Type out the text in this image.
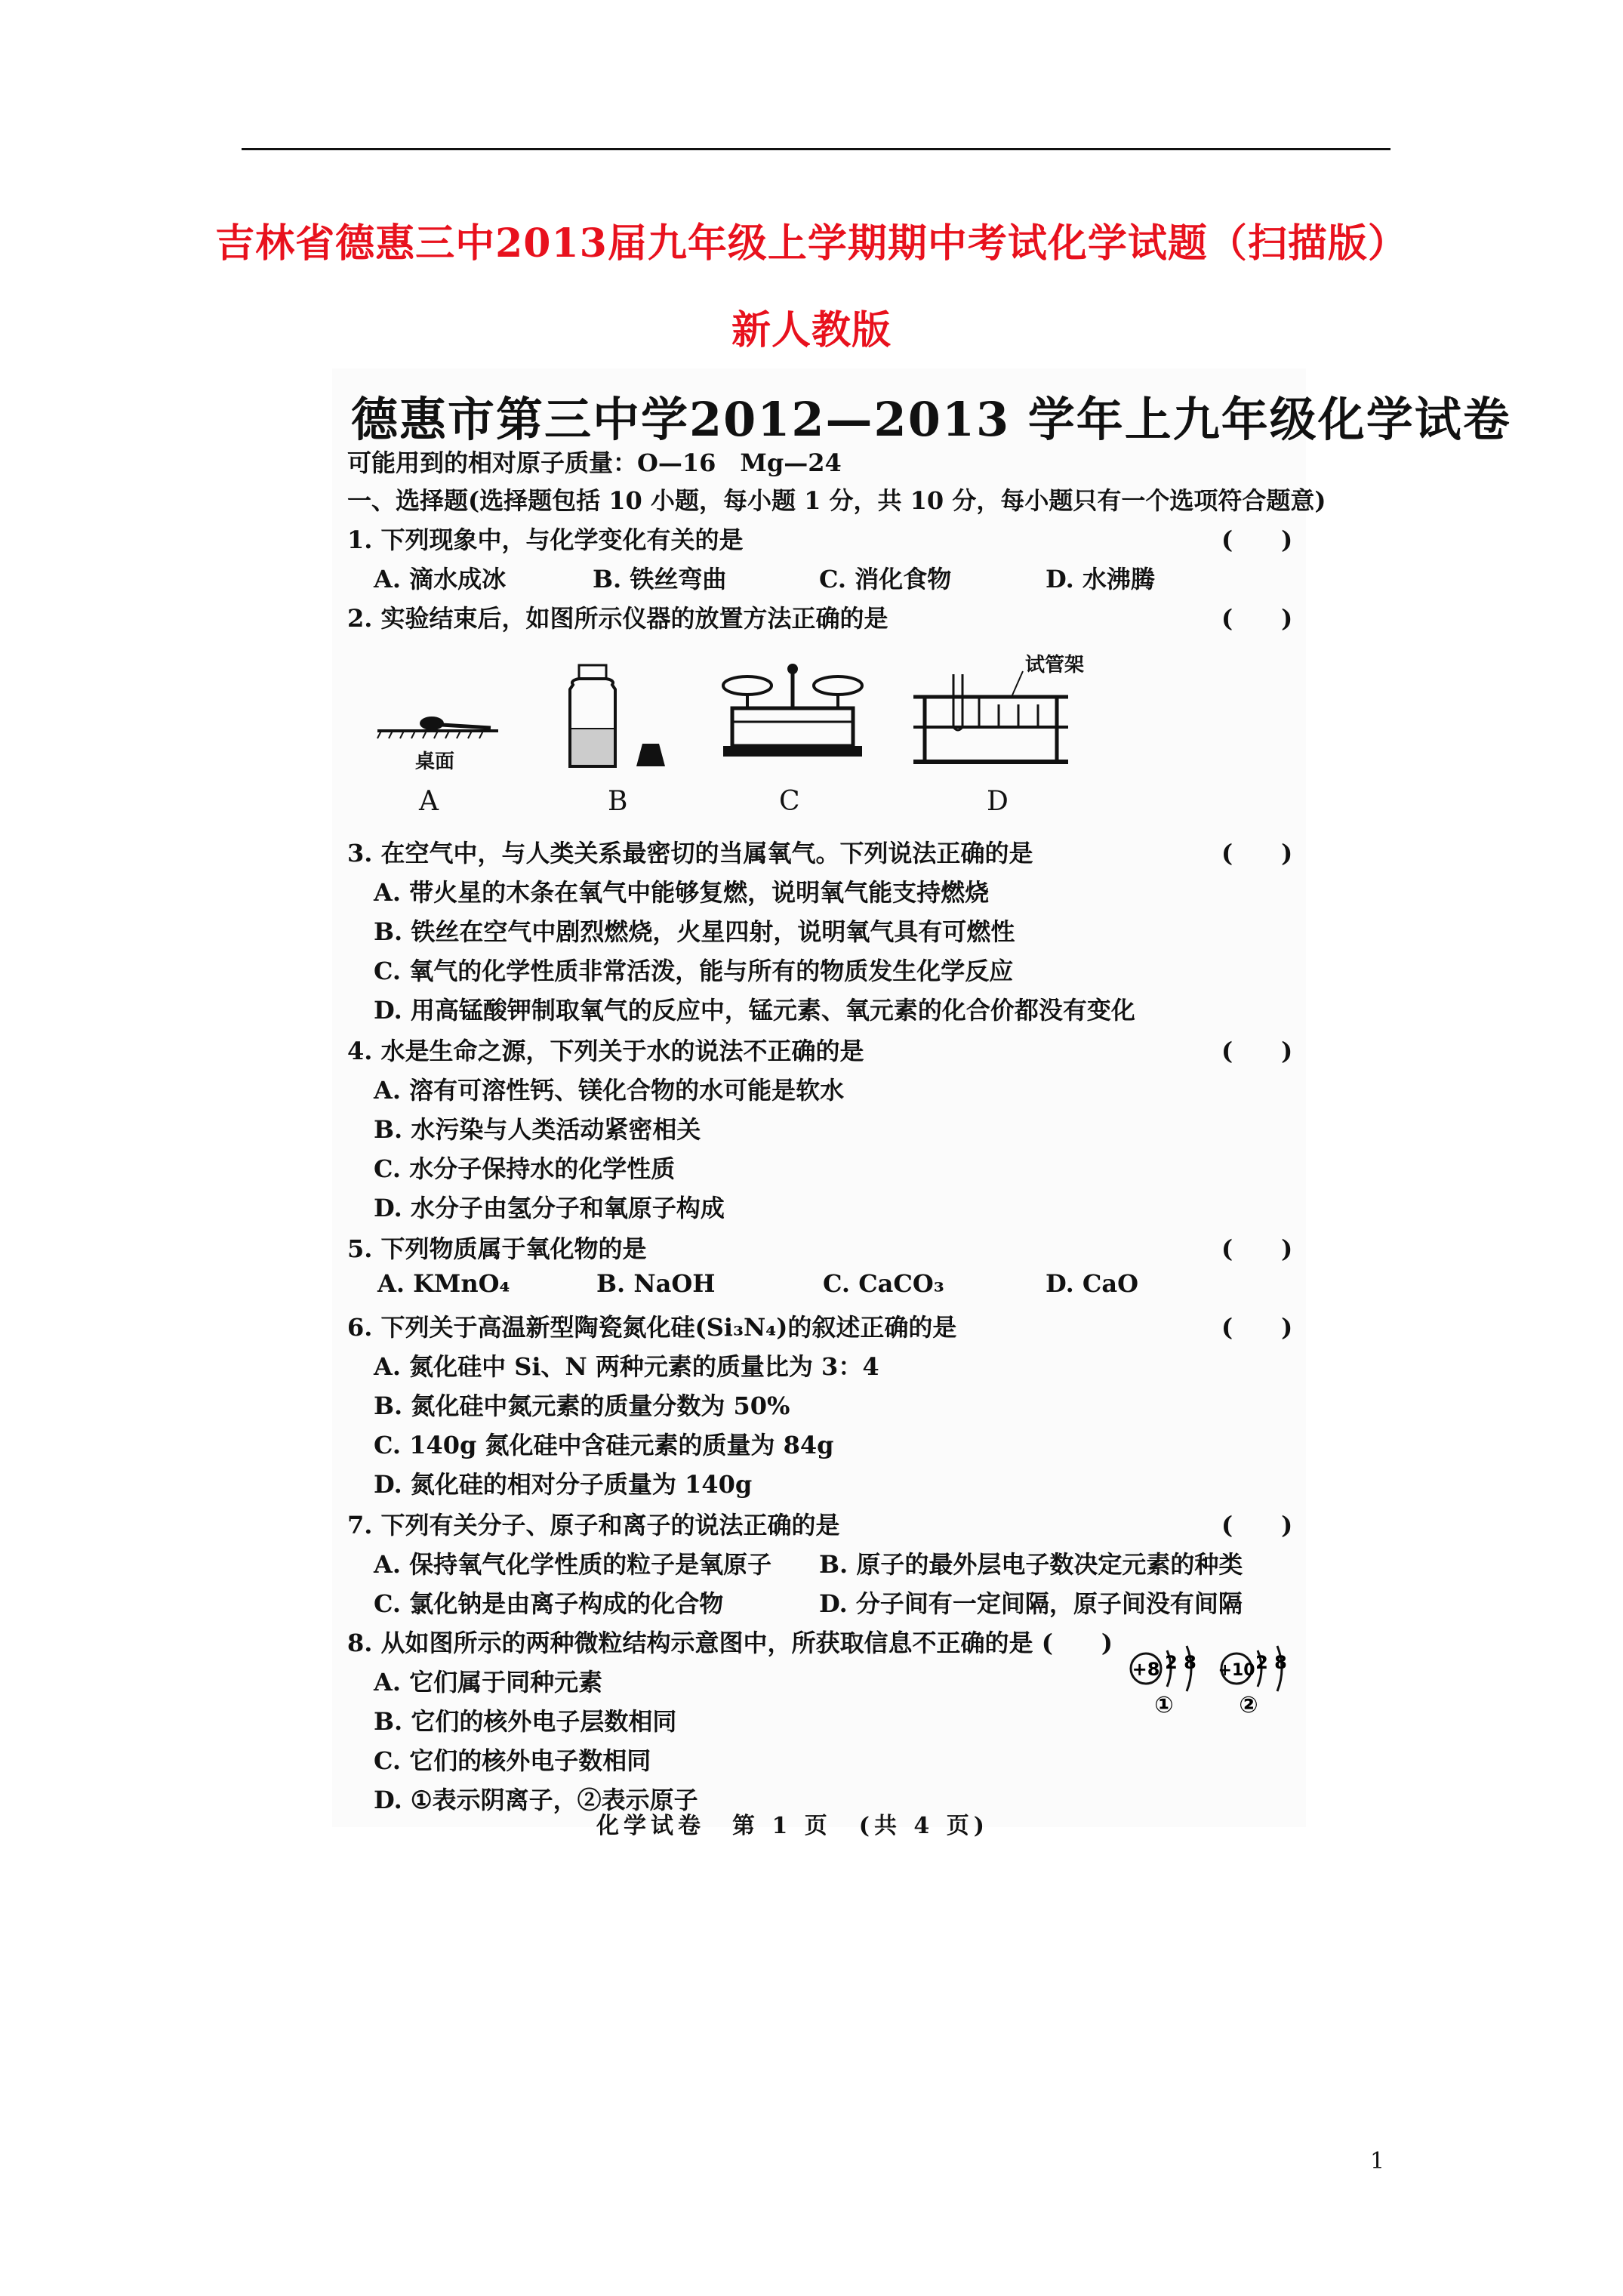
吉林省德惠三中2013届九年级上学期期中考试化学试题（扫描版）
新人教版
德惠市第三中学2012—2013 学年上九年级化学试卷
可能用到的相对原子质量：O—16　Mg—24
一、选择题(选择题包括 10 小题，每小题 1 分，共 10 分，每小题只有一个选项符合题意)
1. 下列现象中，与化学变化有关的是	(　　)
A. 滴水成冰	B. 铁丝弯曲	C. 消化食物	D. 水沸腾
2. 实验结束后，如图所示仪器的放置方法正确的是	(　　)
桌面
试管架
A	B	C	D
3. 在空气中，与人类关系最密切的当属氧气。下列说法正确的是	(　　)
A. 带火星的木条在氧气中能够复燃，说明氧气能支持燃烧
B. 铁丝在空气中剧烈燃烧，火星四射，说明氧气具有可燃性
C. 氧气的化学性质非常活泼，能与所有的物质发生化学反应
D. 用高锰酸钾制取氧气的反应中，锰元素、氧元素的化合价都没有变化
4. 水是生命之源，下列关于水的说法不正确的是	(　　)
A. 溶有可溶性钙、镁化合物的水可能是软水
B. 水污染与人类活动紧密相关
C. 水分子保持水的化学性质
D. 水分子由氢分子和氧原子构成
5. 下列物质属于氧化物的是	(　　)
A. KMnO₄	B. NaOH	C. CaCO₃	D. CaO
6. 下列关于高温新型陶瓷氮化硅(Si₃N₄)的叙述正确的是	(　　)
A. 氮化硅中 Si、N 两种元素的质量比为 3：4
B. 氮化硅中氮元素的质量分数为 50%
C. 140g 氮化硅中含硅元素的质量为 84g
D. 氮化硅的相对分子质量为 140g
7. 下列有关分子、原子和离子的说法正确的是	(　　)
A. 保持氧气化学性质的粒子是氧原子 B. 原子的最外层电子数决定元素的种类
C. 氯化钠是由离子构成的化合物	D. 分子间有一定间隔，原子间没有间隔
8. 从如图所示的两种微粒结构示意图中，所获取信息不正确的是 (　　)
A. 它们属于同种元素
B. 它们的核外电子层数相同
C. 它们的核外电子数相同
D. ①表示阴离子，②表示原子
+8 2 8
①
+10 2 8
②
化学试卷　第 1 页　(共 4 页)
1
